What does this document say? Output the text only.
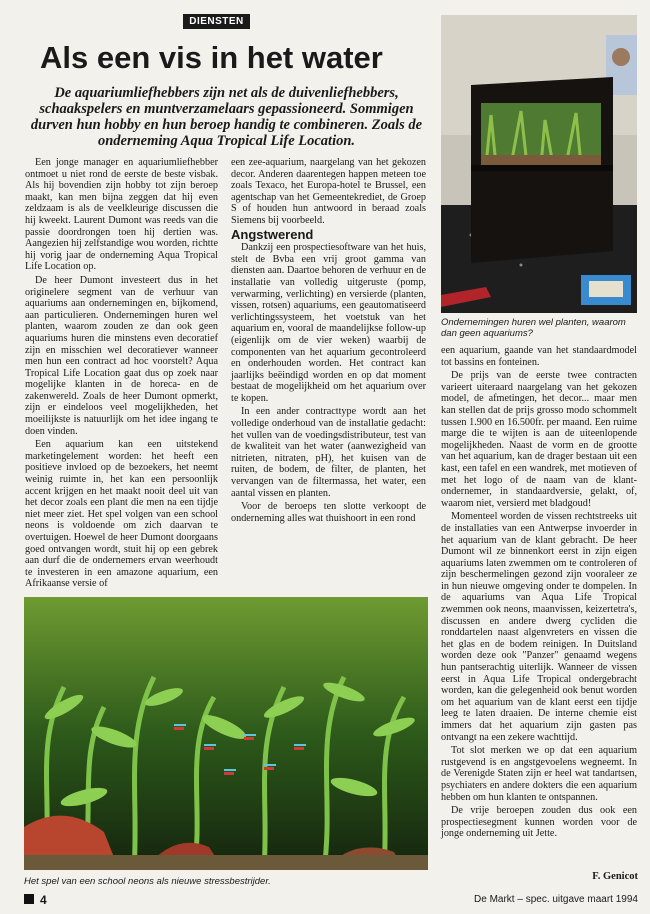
DIENSTEN
Als een vis in het water
De aquariumliefhebbers zijn net als de duivenliefhebbers, schaakspelers en muntverzamelaars gepassioneerd. Sommigen durven hun hobby en hun beroep handig te combineren. Zoals de onderneming Aqua Tropical Life Location.

Een jonge manager en aquariumliefhebber ontmoet u niet rond de eerste de beste visbak. Als hij bovendien zijn hobby tot zijn beroep maakt, kan men bijna zeggen dat hij even zeldzaam is als de veelkleurige discussen die hij kweekt. Laurent Dumont was reeds van die passie doordrongen toen hij dertien was. Aangezien hij zelfstandige wou worden, richtte hij vorig jaar de onderneming Aqua Tropical Life Location op.

De heer Dumont investeert dus in het originelere segment van de verhuur van aquariums aan ondernemingen en, bijkomend, aan particulieren. Ondernemingen huren wel planten, waarom zouden ze dan ook geen aquariums huren die minstens even decoratief zijn en misschien wel decoratiever wanneer men hun een contract ad hoc voorstelt? Aqua Tropical Life Location gaat dus op zoek naar mogelijke klanten in de horeca- en de zakenwereld. Zoals de heer Dumont opmerkt, zijn er eindeloos veel mogelijkheden, het moeilijkste is natuurlijk om het idee ingang te doen vinden.

Een aquarium kan een uitstekend marketingelement worden: het heeft een positieve invloed op de bezoekers, het neemt weinig ruimte in, het kan een persoonlijk accent krijgen en het maakt nooit deel uit van het decor zoals een plant die men na een tijdje niet meer ziet. Het spel volgen van een school neons is voldoende om zich daarvan te overtuigen. Hoewel de heer Dumont doorgaans goed ontvangen wordt, stuit hij op een gebrek aan durf die de ondernemers ervan weerhoudt te investeren in een amazone aquarium, een Afrikaanse versie of

een zee-aquarium, naargelang van het gekozen decor. Anderen daarentegen happen meteen toe zoals Texaco, het Europa-hotel te Brussel, een agentschap van het Gemeentekrediet, de Groep S of houden hun antwoord in beraad zoals Siemens bij voorbeeld.

Angstwerend

Dankzij een prospectiesoftware van het huis, stelt de Bvba een vrij groot gamma van diensten aan. Daartoe behoren de verhuur en de installatie van volledig uitgeruste (pomp, verwarming, verlichting) en versierde (planten, vissen, rotsen) aquariums, een geautomatiseerd verlichtingssysteem, het voetstuk van het aquarium en, vooral de maandelijkse follow-up (eigenlijk om de vier weken) waarbij de componenten van het aquarium gecontroleerd en onderhouden worden. Het contract kan jaarlijks beëindigd worden en op dat moment bestaat de mogelijkheid om het aquarium over te kopen.

In een ander contracttype wordt aan het volledige onderhoud van de installatie gedacht: het vullen van de voedingsdistributeur, test van de kwaliteit van het water (aanwezigheid van nitrieten, nitraten, pH), het kuisen van de ruiten, de bodem, de filter, de planten, het vervangen van de filtermassa, het water, een aantal vissen en planten.

Voor de beroeps ten slotte verkoopt de onderneming alles wat thuishoort in een rond

Ondernemingen huren wel planten, waarom dan geen aquariums?

een aquarium, gaande van het standaardmodel tot bassins en fonteinen.

De prijs van de eerste twee contracten varieert uiteraard naargelang van het gekozen model, de afmetingen, het decor... maar men kan stellen dat de prijs grosso modo schommelt tussen 1.900 en 16.500fr. per maand. Een ruime marge die te wijten is aan de uiteenlopende mogelijkheden. Naast de vorm en de grootte van het aquarium, kan de drager bestaan uit een kast, een tafel en een wandrek, met motieven of met het logo of de naam van de klant-ondernemer, in standaardversie, gelakt, of, waarom niet, versierd met bladgoud!

Momenteel worden de vissen rechtstreeks uit de installaties van een Antwerpse invoerder in het aquarium van de klant gebracht. De heer Dumont wil ze binnenkort eerst in zijn eigen aquariums laten zwemmen om te controleren of zijn beschermelingen gezond zijn vooraleer ze in hun nieuwe omgeving onder te dompelen. In de aquariums van Aqua Life Tropical zwemmen ook neons, maanvissen, keizertetra's, discussen en andere dwerg cycliden die ronddartelen naast algenvreters en vissen die het glas en de bodem reinigen. In Duitsland worden deze ook "Panzer" genaamd wegens hun pantserachtig uiterlijk. Wanneer de vissen eerst in Aqua Life Tropical ondergebracht worden, kan die gelegenheid ook benut worden om het aquarium van de klant eerst een tijdje leeg te laten draaien. De interne chemie eist immers dat het aquarium zijn gasten pas ontvangt na een zekere wachttijd.

Tot slot merken we op dat een aquarium rustgevend is en angstgevoelens wegneemt. In de Verenigde Staten zijn er heel wat tandartsen, psychiaters en andere dokters die een aquarium hebben om hun klanten te ontspannen.

De vrije beroepen zouden dus ook een prospectiesegment kunnen worden voor de jonge onderneming uit Jette.

Het spel van een school neons als nieuwe stressbestrijder.	F. Genicot
4	De Markt – spec. uitgave maart 1994
